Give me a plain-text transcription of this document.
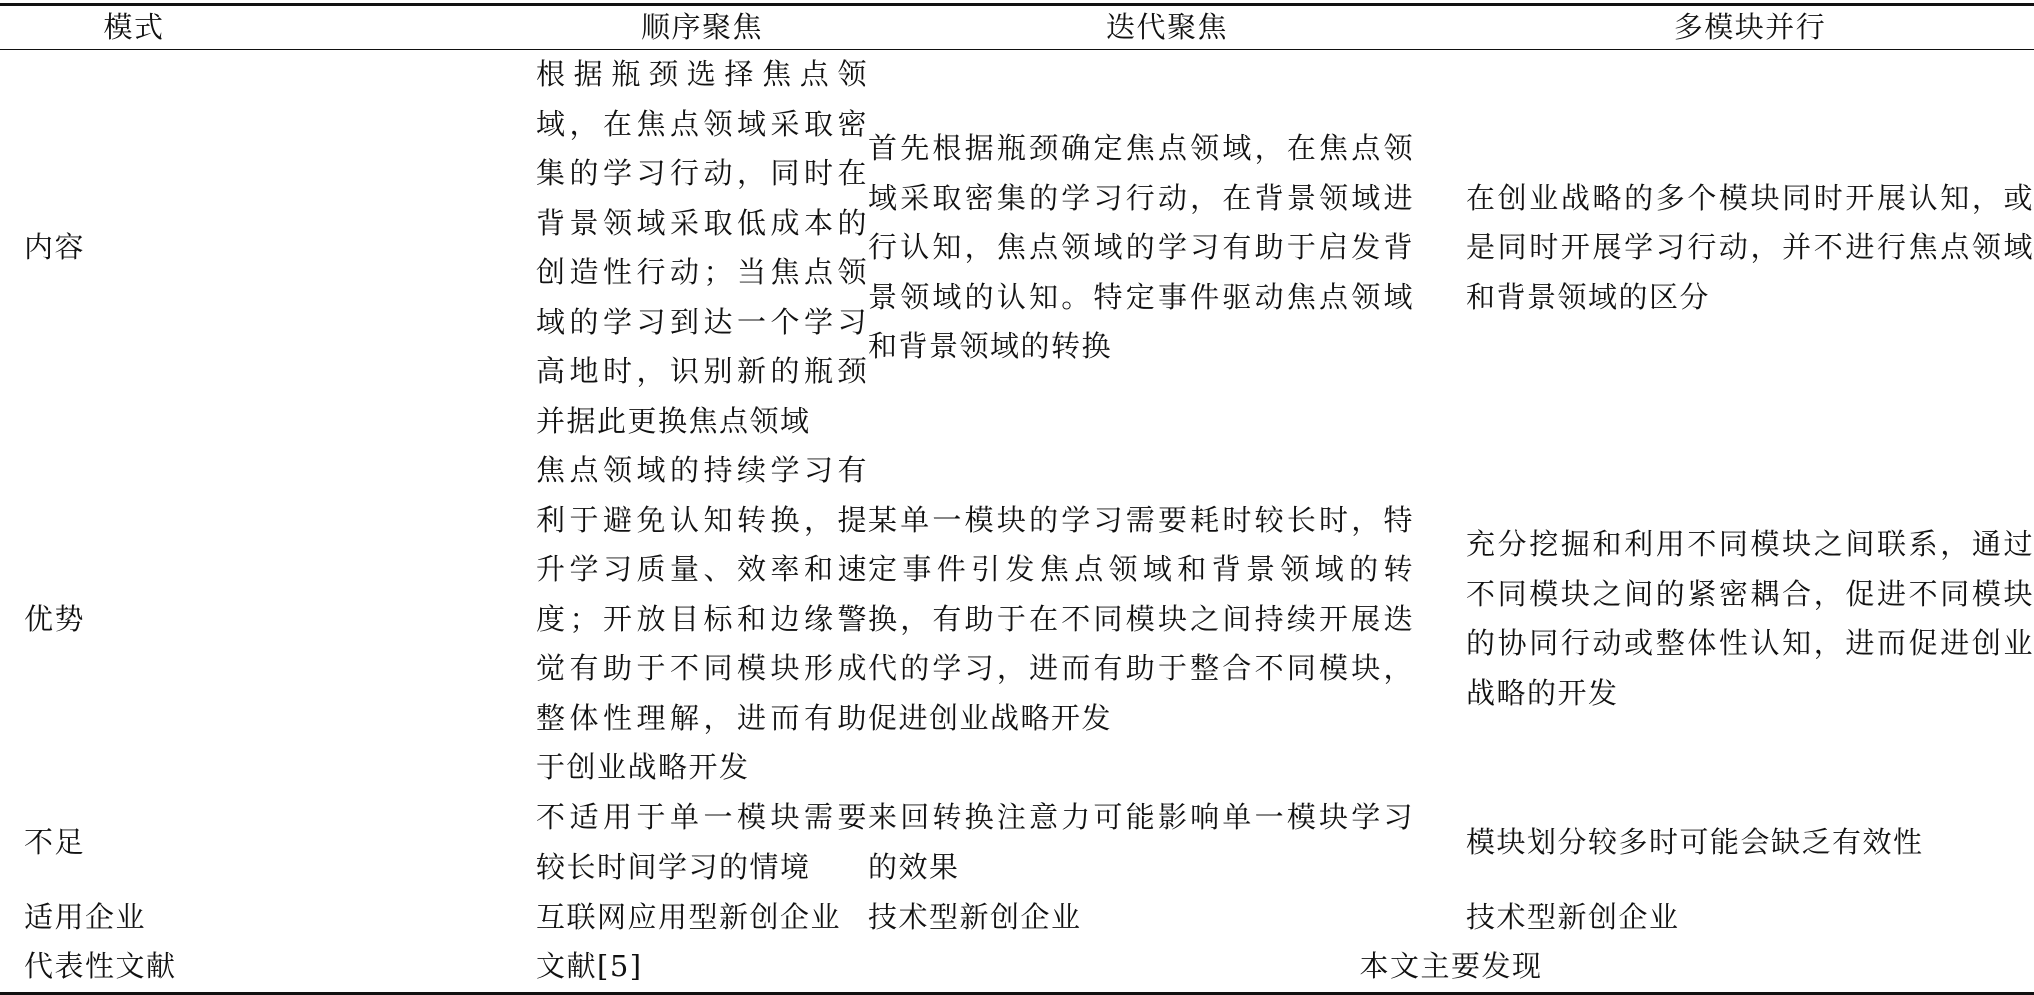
模式	顺序聚焦	迭代聚焦	多模块并行
内容	根据瓶颈选择焦点领域，在焦点领域采取密集的学习行动，同时在背景领域采取低成本的创造性行动；当焦点领域的学习到达一个学习高地时，识别新的瓶颈并据此更换焦点领域	首先根据瓶颈确定焦点领域，在焦点领域采取密集的学习行动，在背景领域进行认知，焦点领域的学习有助于启发背景领域的认知。特定事件驱动焦点领域和背景领域的转换	在创业战略的多个模块同时开展认知，或是同时开展学习行动，并不进行焦点领域和背景领域的区分

优势	焦点领域的持续学习有利于避免认知转换，提升学习质量、效率和速度；开放目标和边缘警觉有助于不同模块形成整体性理解，进而有助于创业战略开发	某单一模块的学习需要耗时较长时，特定事件引发焦点领域和背景领域的转换，有助于在不同模块之间持续开展迭代的学习，进而有助于整合不同模块，促进创业战略开发	充分挖掘和利用不同模块之间联系，通过不同模块之间的紧密耦合，促进不同模块的协同行动或整体性认知，进而促进创业战略的开发

不足	不适用于单一模块需要较长时间学习的情境	来回转换注意力可能影响单一模块学习的效果	模块划分较多时可能会缺乏有效性

适用企业	互联网应用型新创企业	技术型新创企业	技术型新创企业
代表性文献	文献[5]	本文主要发现	
